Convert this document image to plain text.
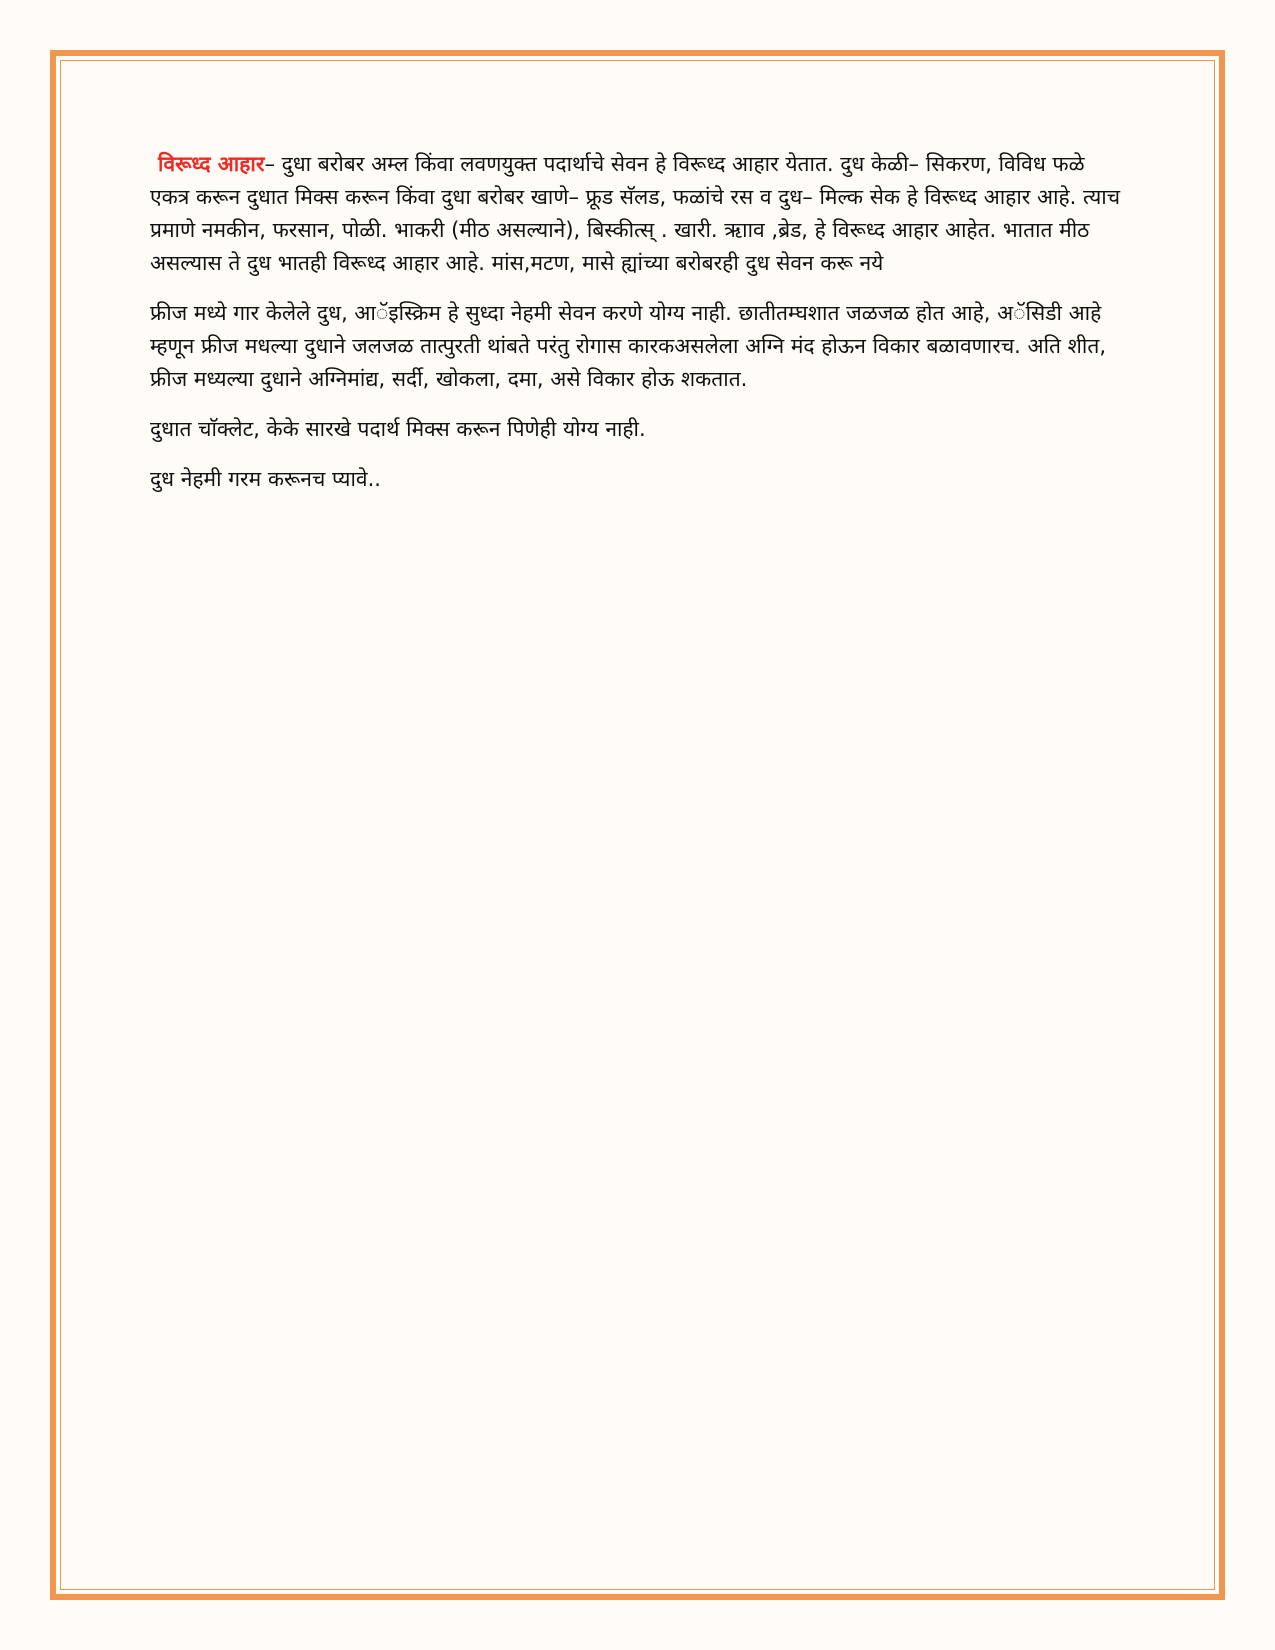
विरूध्द आहार– दुधा बरोबर अम्ल किंवा लवणयुक्त पदार्थाचे सेवन हे विरूध्द आहार येतात. दुध केळी– सिकरण, विविध फळे एकत्र करून दुधात मिक्स करून किंवा दुधा बरोबर खाणे– फ्रूड सॅलड, फळांचे रस व दुध– मिल्क सेक हे विरूध्द आहार आहे. त्याच प्रमाणे नमकीन, फरसान, पोळी. भाकरी (मीठ असल्याने), बिस्कीत्स् . खारी. ऋााव ,ब्रेड, हे विरूध्द आहार आहेत. भातात मीठ असल्यास ते दुध भातही विरूध्द आहार आहे. मांस,मटण, मासे ह्यांच्या बरोबरही दुध सेवन करू नये

फ्रीज मध्ये गार केलेले दुध, आॅइस्क्रिम हे सुध्दा नेहमी सेवन करणे योग्य नाही. छातीतम्घशात जळजळ होत आहे, अॅसिडी आहे म्हणून फ्रीज मधल्या दुधाने जलजळ तात्पुरती थांबते परंतु रोगास कारकअसलेला अग्नि मंद होऊन विकार बळावणारच. अति शीत, फ्रीज मध्यल्या दुधाने अग्निमांद्य, सर्दी, खोकला, दमा, असे विकार होऊ शकतात.

दुधात चाॅक्लेट, केके सारखे पदार्थ मिक्स करून पिणेही योग्य नाही.

दुध नेहमी गरम करूनच प्यावे..
